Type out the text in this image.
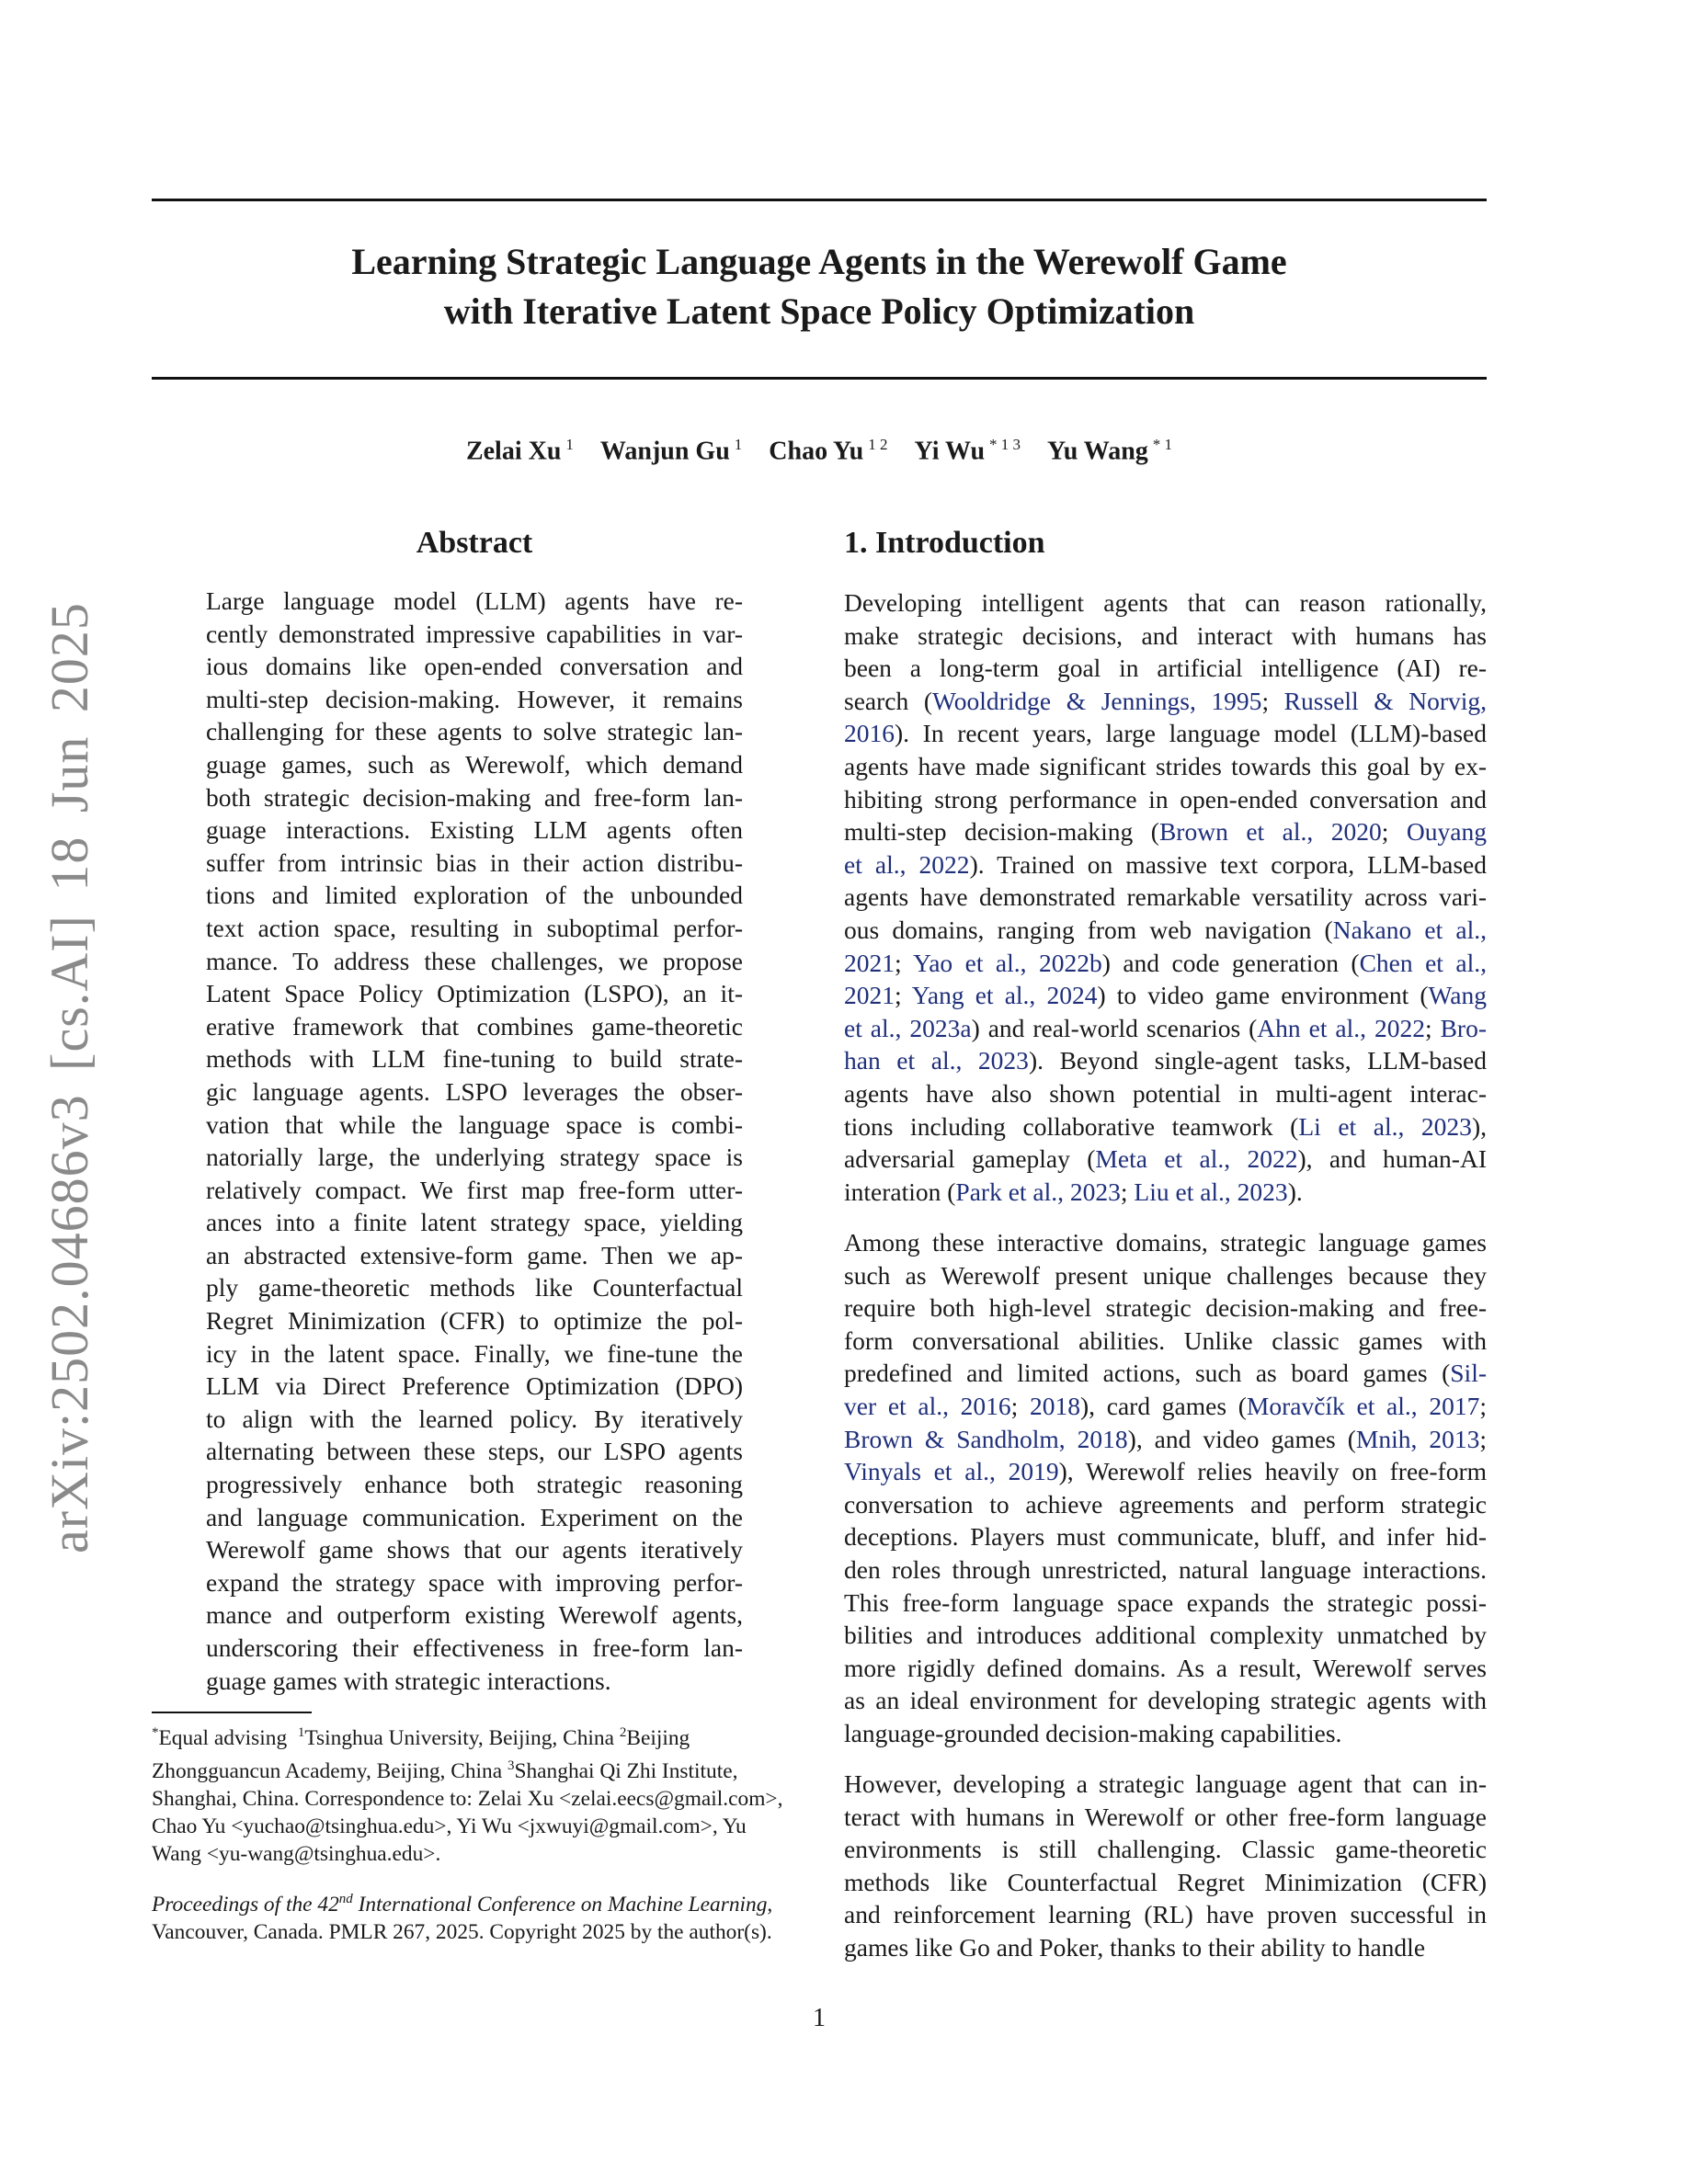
arXiv:2502.04686v3 [cs.AI] 18 Jun 2025
Learning Strategic Language Agents in the Werewolf Game
with Iterative Latent Space Policy Optimization
Zelai Xu $^1$ Wanjun Gu $^1$ Chao Yu $^{1 2}$ Yi Wu $^{* 1 3}$ Yu Wang $^{* 1}$
Abstract
Large language model (LLM) agents have re-
cently demonstrated impressive capabilities in var-
ious domains like open-ended conversation and
multi-step decision-making. However, it remains
challenging for these agents to solve strategic lan-
guage games, such as Werewolf, which demand
both strategic decision-making and free-form lan-
guage interactions. Existing LLM agents often
suffer from intrinsic bias in their action distribu-
tions and limited exploration of the unbounded
text action space, resulting in suboptimal perfor-
mance. To address these challenges, we propose
Latent Space Policy Optimization (LSPO), an it-
erative framework that combines game-theoretic
methods with LLM fine-tuning to build strate-
gic language agents. LSPO leverages the obser-
vation that while the language space is combi-
natorially large, the underlying strategy space is
relatively compact. We first map free-form utter-
ances into a finite latent strategy space, yielding
an abstracted extensive-form game. Then we ap-
ply game-theoretic methods like Counterfactual
Regret Minimization (CFR) to optimize the pol-
icy in the latent space. Finally, we fine-tune the
LLM via Direct Preference Optimization (DPO)
to align with the learned policy. By iteratively
alternating between these steps, our LSPO agents
progressively enhance both strategic reasoning
and language communication. Experiment on the
Werewolf game shows that our agents iteratively
expand the strategy space with improving perfor-
mance and outperform existing Werewolf agents,
underscoring their effectiveness in free-form lan-
guage games with strategic interactions.
1. Introduction
Developing intelligent agents that can reason rationally,
make strategic decisions, and interact with humans has
been a long-term goal in artificial intelligence (AI) re-
search (Wooldridge & Jennings, 1995; Russell & Norvig,
2016). In recent years, large language model (LLM)-based
agents have made significant strides towards this goal by ex-
hibiting strong performance in open-ended conversation and
multi-step decision-making (Brown et al., 2020; Ouyang
et al., 2022). Trained on massive text corpora, LLM-based
agents have demonstrated remarkable versatility across vari-
ous domains, ranging from web navigation (Nakano et al.,
2021; Yao et al., 2022b) and code generation (Chen et al.,
2021; Yang et al., 2024) to video game environment (Wang
et al., 2023a) and real-world scenarios (Ahn et al., 2022; Bro-
han et al., 2023). Beyond single-agent tasks, LLM-based
agents have also shown potential in multi-agent interac-
tions including collaborative teamwork (Li et al., 2023),
adversarial gameplay (Meta et al., 2022), and human-AI
interation (Park et al., 2023; Liu et al., 2023).
Among these interactive domains, strategic language games
such as Werewolf present unique challenges because they
require both high-level strategic decision-making and free-
form conversational abilities. Unlike classic games with
predefined and limited actions, such as board games (Sil-
ver et al., 2016; 2018), card games (Moravčík et al., 2017;
Brown & Sandholm, 2018), and video games (Mnih, 2013;
Vinyals et al., 2019), Werewolf relies heavily on free-form
conversation to achieve agreements and perform strategic
deceptions. Players must communicate, bluff, and infer hid-
den roles through unrestricted, natural language interactions.
This free-form language space expands the strategic possi-
bilities and introduces additional complexity unmatched by
more rigidly defined domains. As a result, Werewolf serves
as an ideal environment for developing strategic agents with
language-grounded decision-making capabilities.
However, developing a strategic language agent that can in-
teract with humans in Werewolf or other free-form language
environments is still challenging. Classic game-theoretic
methods like Counterfactual Regret Minimization (CFR)
and reinforcement learning (RL) have proven successful in
games like Go and Poker, thanks to their ability to handle

*Equal advising $^1$Tsinghua University, Beijing, China $^2$Beijing Zhongguancun Academy, Beijing, China $^3$Shanghai Qi Zhi Institute, Shanghai, China. Correspondence to: Zelai Xu <zelai.eecs@gmail.com>, Chao Yu <yuchao@tsinghua.edu>, Yi Wu <jxwuyi@gmail.com>, Yu Wang <yu-wang@tsinghua.edu>.

Proceedings of the 42nd International Conference on Machine Learning, Vancouver, Canada. PMLR 267, 2025. Copyright 2025 by the author(s).

1
